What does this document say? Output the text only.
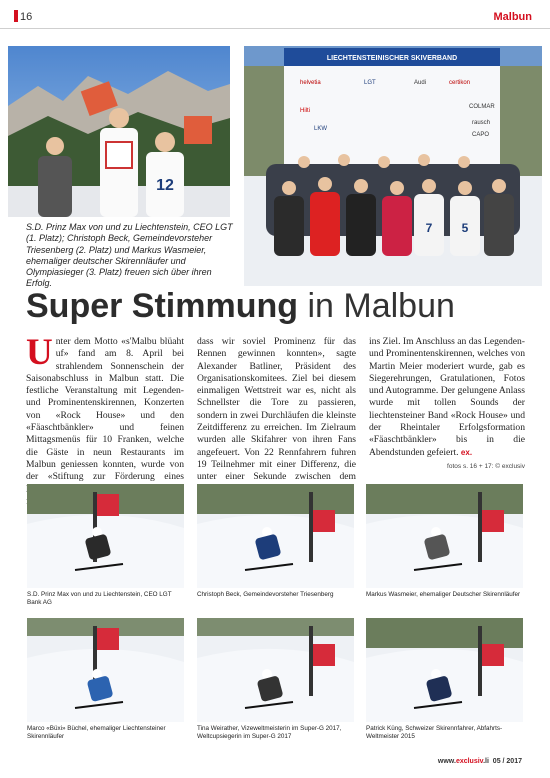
16	Malbun
12
LIECHTENSTEINISCHER SKIVERBAND
helvetia	LGT	Audi	certikon
Hilti
LKW
COLMAR
CAPO
rausch
7 5
S.D. Prinz Max von und zu Liechtenstein, CEO LGT (1. Platz); Christoph Beck, Gemeindevorsteher Triesenberg (2. Platz) und Markus Wasmeier, ehemaliger deutscher Skirennläufer und Olympiasieger (3. Platz) freuen sich über ihren Erfolg.
Super Stimmung in Malbun
Unter dem Motto «s'Malbu blüaht uf» fand am 8. April bei strahlendem Sonnenschein der Saisonabschluss in Malbun statt. Die festliche Veranstaltung mit Legenden- und Prominentenskirennen, Konzerten von «Rock House» und den «Fäaschtbänkler» und feinen Mittagsmenüs für 10 Franken, welche die Gäste in neun Restaurants im Malbun geniessen konnten, wurde von der «Stiftung zur Förderung eines
dass wir soviel Prominenz für das Rennen gewinnen konnten», sagte Alexander Batliner, Präsident des Organisationskomitees. Ziel bei diesem einmaligen Wettstreit war es, nicht als Schnellster die Tore zu passieren, sondern in zwei Durchläufen die kleinste Zeitdifferenz zu erreichen. Im Zielraum wurden alle Skifahrer von ihren Fans angefeuert. Von 22 Rennfahrern fuhren 19 Teilnehmer mit einer Differenz, die unter einer Sekunde zwischen dem
ins Ziel. Im Anschluss an das Legenden- und Prominentenskirennen, welches von Martin Meier moderiert wurde, gab es Siegerehrungen, Gratulationen, Fotos und Autogramme. Der gelungene Anlass wurde mit tollen Sounds der liechtensteiner Band «Rock House» und der Rheintaler Erfolgsformation «Fäaschtbänkler» bis in die Abendstunden gefeiert. ex.
fotos s. 16 + 17: © exclusiv
S.D. Prinz Max von und zu Liechtenstein, CEO LGT Bank AG
Christoph Beck, Gemeindevorsteher Triesenberg	Markus Wasmeier, ehemaliger Deutscher Skirennläufer
Marco «Büxi» Büchel, ehemaliger Liechtensteiner Skirennläufer
Tina Weirather, Vizeweltmeisterin im Super-G 2017, Weltcupsiegerin im Super-G 2017
Patrick Küng, Schweizer Skirennfahrer, Abfahrts-Weltmeister 2015
www.exclusiv.li 05 / 2017
